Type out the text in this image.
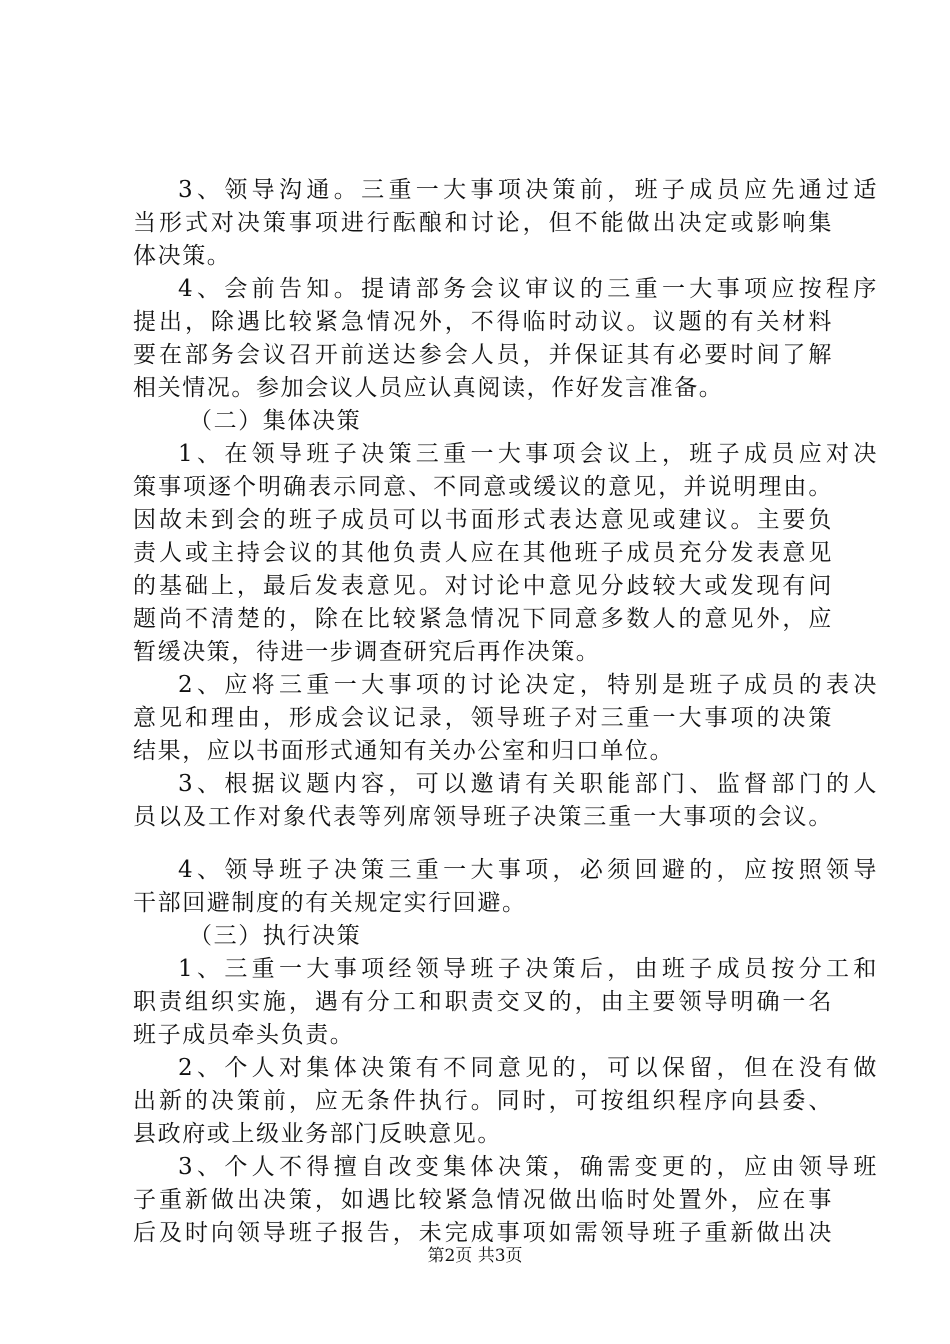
3、领导沟通。三重一大事项决策前，班子成员应先通过适
当形式对决策事项进行酝酿和讨论，但不能做出决定或影响集
体决策。
4、会前告知。提请部务会议审议的三重一大事项应按程序
提出，除遇比较紧急情况外，不得临时动议。议题的有关材料
要在部务会议召开前送达参会人员，并保证其有必要时间了解
相关情况。参加会议人员应认真阅读，作好发言准备。
（二）集体决策
1、在领导班子决策三重一大事项会议上，班子成员应对决
策事项逐个明确表示同意、不同意或缓议的意见，并说明理由。
因故未到会的班子成员可以书面形式表达意见或建议。主要负
责人或主持会议的其他负责人应在其他班子成员充分发表意见
的基础上，最后发表意见。对讨论中意见分歧较大或发现有问
题尚不清楚的，除在比较紧急情况下同意多数人的意见外，应
暂缓决策，待进一步调查研究后再作决策。
2、应将三重一大事项的讨论决定，特别是班子成员的表决
意见和理由，形成会议记录，领导班子对三重一大事项的决策
结果，应以书面形式通知有关办公室和归口单位。
3、根据议题内容，可以邀请有关职能部门、监督部门的人
员以及工作对象代表等列席领导班子决策三重一大事项的会议。
4、领导班子决策三重一大事项，必须回避的，应按照领导
干部回避制度的有关规定实行回避。
（三）执行决策
1、三重一大事项经领导班子决策后，由班子成员按分工和
职责组织实施，遇有分工和职责交叉的，由主要领导明确一名
班子成员牵头负责。
2、个人对集体决策有不同意见的，可以保留，但在没有做
出新的决策前，应无条件执行。同时，可按组织程序向县委、
县政府或上级业务部门反映意见。
3、个人不得擅自改变集体决策，确需变更的，应由领导班
子重新做出决策，如遇比较紧急情况做出临时处置外，应在事
后及时向领导班子报告，未完成事项如需领导班子重新做出决
第2页 共3页
